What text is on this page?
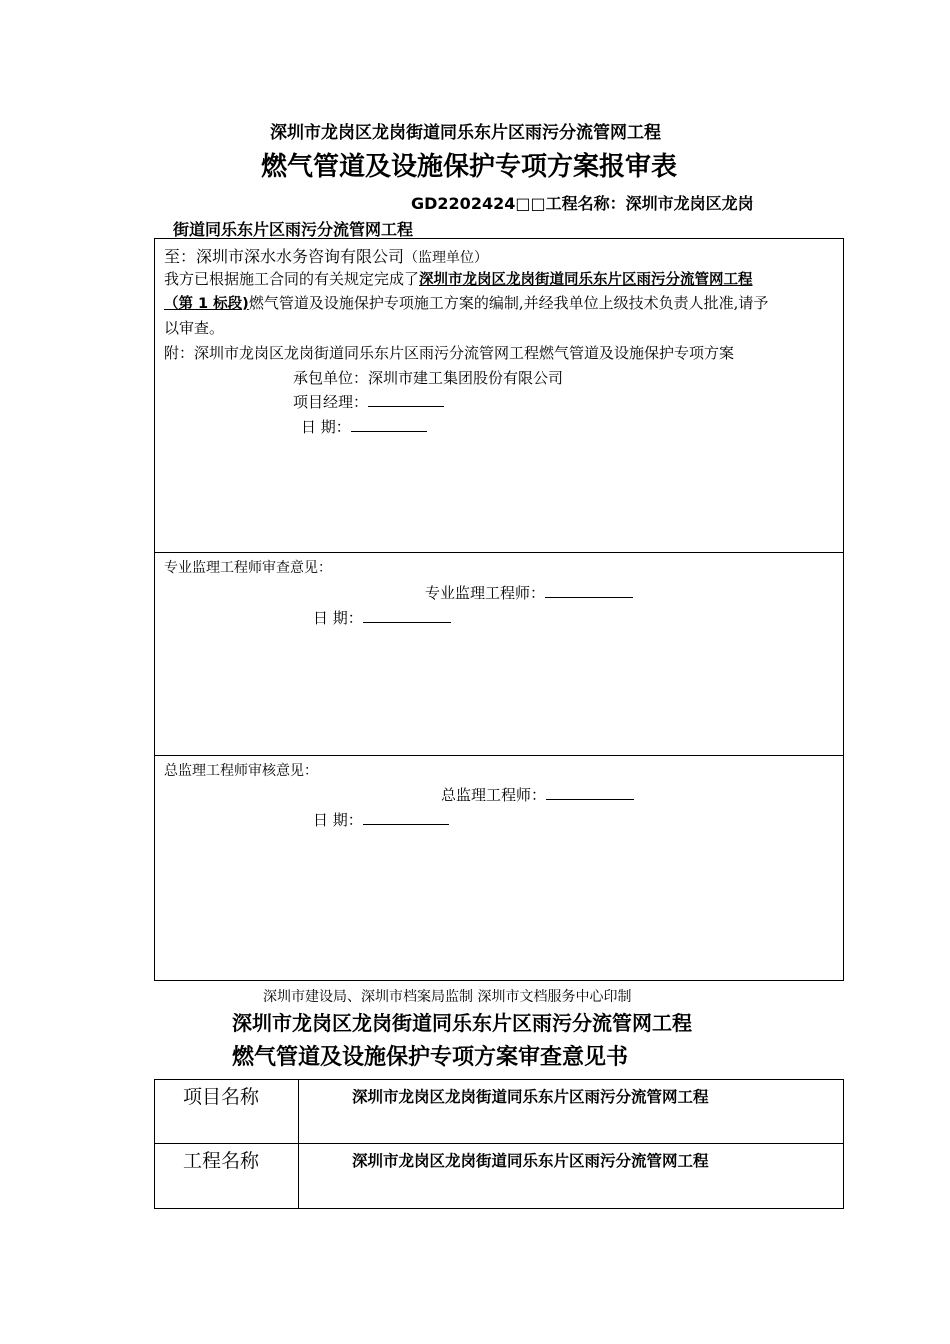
深圳市龙岗区龙岗街道同乐东片区雨污分流管网工程
燃气管道及设施保护专项方案报审表
GD2202424□□工程名称：深圳市龙岗区龙岗
街道同乐东片区雨污分流管网工程
至：深圳市深水水务咨询有限公司（监理单位）
我方已根据施工合同的有关规定完成了深圳市龙岗区龙岗街道同乐东片区雨污分流管网工程
（第 1 标段)燃气管道及设施保护专项施工方案的编制,并经我单位上级技术负责人批准,请予
以审查。
附：深圳市龙岗区龙岗街道同乐东片区雨污分流管网工程燃气管道及设施保护专项方案
承包单位：深圳市建工集团股份有限公司
项目经理：
日 期：
专业监理工程师审查意见：
专业监理工程师：
日 期：
总监理工程师审核意见：
总监理工程师：
日 期：
深圳市建设局、深圳市档案局监制 深圳市文档服务中心印制
深圳市龙岗区龙岗街道同乐东片区雨污分流管网工程
燃气管道及设施保护专项方案审查意见书
项目名称	深圳市龙岗区龙岗街道同乐东片区雨污分流管网工程
工程名称	深圳市龙岗区龙岗街道同乐东片区雨污分流管网工程
